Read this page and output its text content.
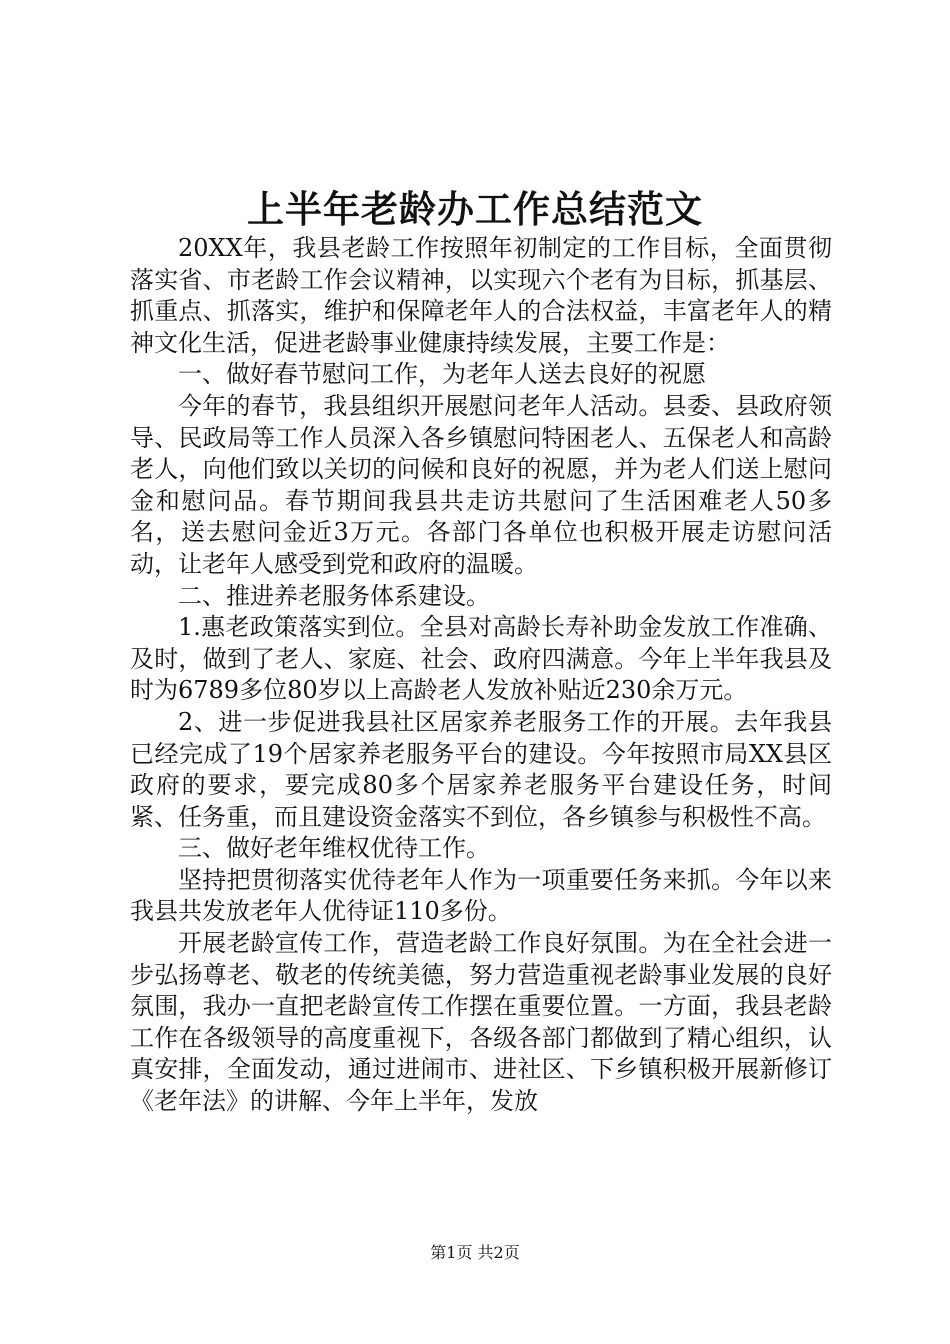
上半年老龄办工作总结范文

20XX年，我县老龄工作按照年初制定的工作目标，全面贯彻落实省、市老龄工作会议精神，以实现六个老有为目标，抓基层、抓重点、抓落实，维护和保障老年人的合法权益，丰富老年人的精神文化生活，促进老龄事业健康持续发展，主要工作是：

一、做好春节慰问工作，为老年人送去良好的祝愿

今年的春节，我县组织开展慰问老年人活动。县委、县政府领导、民政局等工作人员深入各乡镇慰问特困老人、五保老人和高龄老人，向他们致以关切的问候和良好的祝愿，并为老人们送上慰问金和慰问品。春节期间我县共走访共慰问了生活困难老人50多名，送去慰问金近3万元。各部门各单位也积极开展走访慰问活动，让老年人感受到党和政府的温暖。

二、推进养老服务体系建设。

1.惠老政策落实到位。全县对高龄长寿补助金发放工作准确、及时，做到了老人、家庭、社会、政府四满意。今年上半年我县及时为6789多位80岁以上高龄老人发放补贴近230余万元。

2、进一步促进我县社区居家养老服务工作的开展。去年我县已经完成了19个居家养老服务平台的建设。今年按照市局XX县区政府的要求，要完成80多个居家养老服务平台建设任务，时间紧、任务重，而且建设资金落实不到位，各乡镇参与积极性不高。

三、做好老年维权优待工作。

坚持把贯彻落实优待老年人作为一项重要任务来抓。今年以来我县共发放老年人优待证110多份。

开展老龄宣传工作，营造老龄工作良好氛围。为在全社会进一步弘扬尊老、敬老的传统美德，努力营造重视老龄事业发展的良好氛围，我办一直把老龄宣传工作摆在重要位置。一方面，我县老龄工作在各级领导的高度重视下，各级各部门都做到了精心组织，认真安排，全面发动，通过进闹市、进社区、下乡镇积极开展新修订《老年法》的讲解、今年上半年，发放

第1页 共2页
